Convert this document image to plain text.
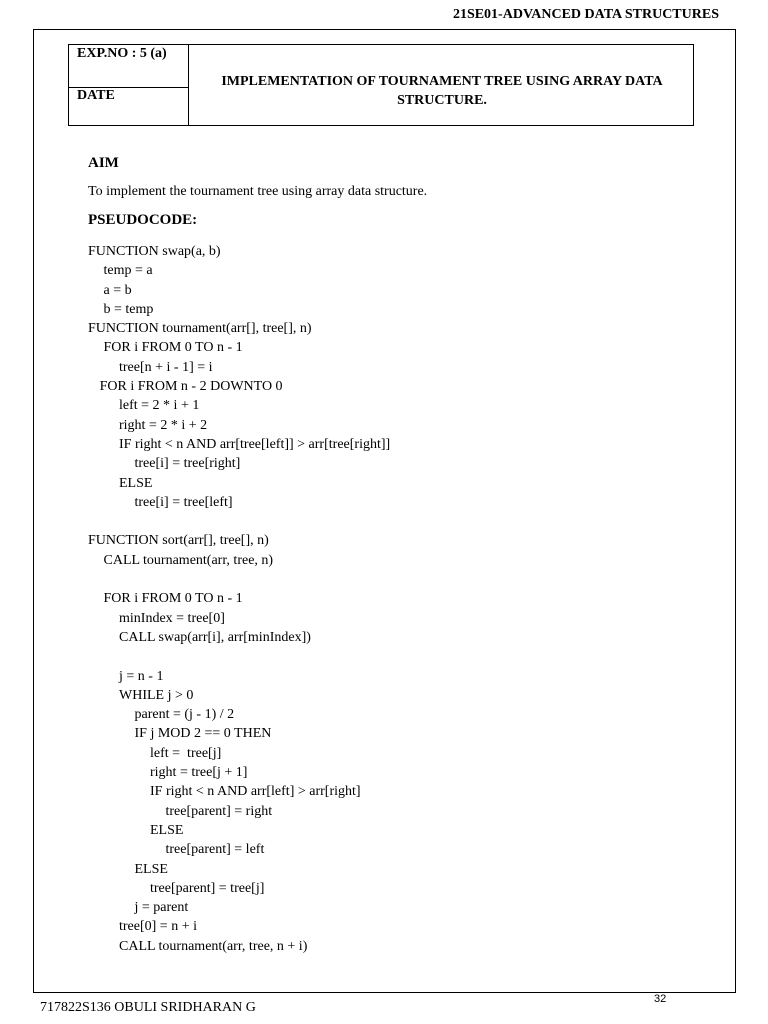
21SE01-ADVANCED DATA STRUCTURES
EXP.NO : 5 (a)
DATE
IMPLEMENTATION OF TOURNAMENT TREE USING ARRAY DATA STRUCTURE.
AIM
To implement the tournament tree using array data structure.
PSEUDOCODE:
FUNCTION swap(a, b)
temp = a
a = b
b = temp
FUNCTION tournament(arr[], tree[], n)
FOR i FROM 0 TO n - 1
tree[n + i - 1] = i
FOR i FROM n - 2 DOWNTO 0
left = 2 * i + 1
right = 2 * i + 2
IF right < n AND arr[tree[left]] > arr[tree[right]]
tree[i] = tree[right]
ELSE
tree[i] = tree[left]
FUNCTION sort(arr[], tree[], n)
CALL tournament(arr, tree, n)
FOR i FROM 0 TO n - 1
minIndex = tree[0]
CALL swap(arr[i], arr[minIndex])
j = n - 1
WHILE j > 0
parent = (j - 1) / 2
IF j MOD 2 == 0 THEN
left =  tree[j]
right = tree[j + 1]
IF right < n AND arr[left] > arr[right]
tree[parent] = right
ELSE
tree[parent] = left
ELSE
tree[parent] = tree[j]
j = parent
tree[0] = n + i
CALL tournament(arr, tree, n + i)
717822S136 OBULI SRIDHARAN G
32
